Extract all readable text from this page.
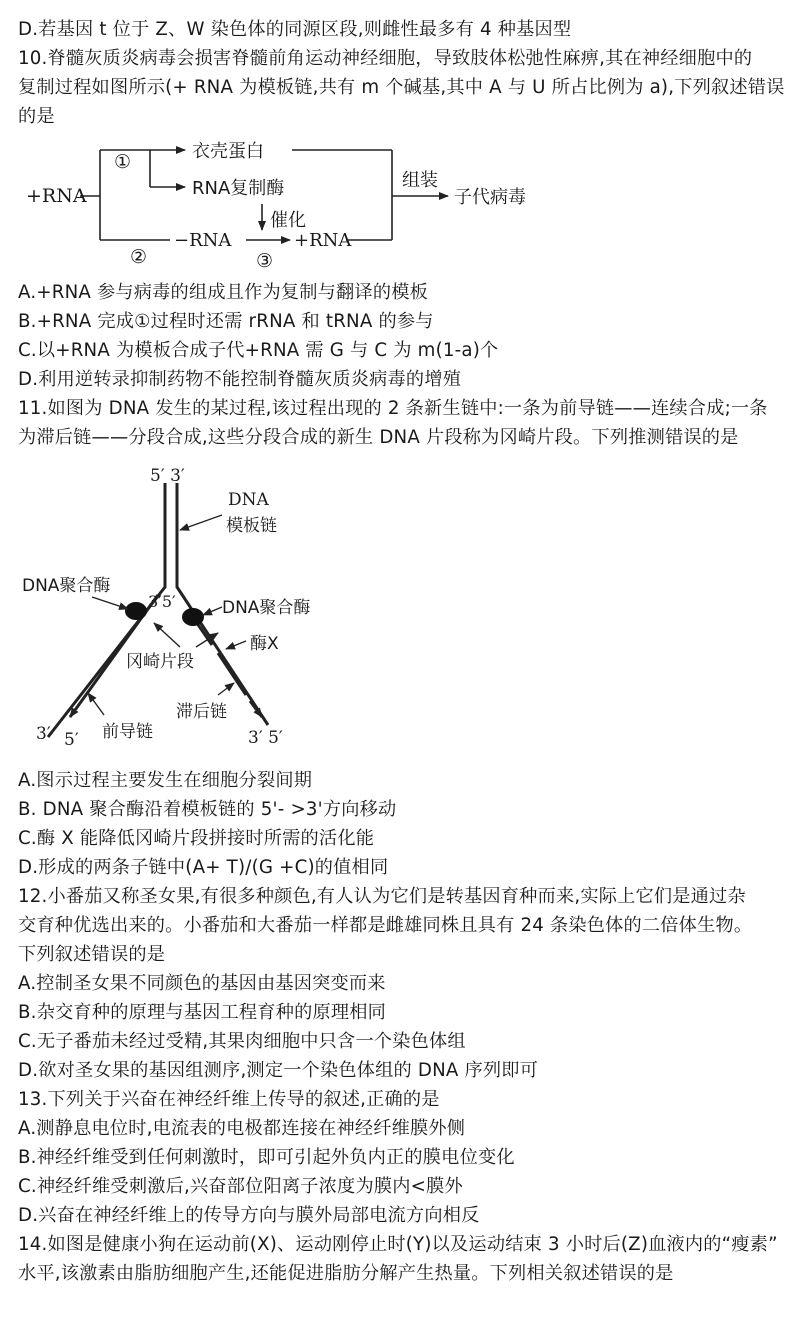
D.若基因 t 位于 Z、W 染色体的同源区段,则雌性最多有 4 种基因型
10.脊髓灰质炎病毒会损害脊髓前角运动神经细胞，导致肢体松弛性麻痹,其在神经细胞中的
复制过程如图所示(+ RNA 为模板链,共有 m 个碱基,其中 A 与 U 所占比例为 a),下列叙述错误
的是
+RNA
①
②	③
衣壳蛋白
RNA复制酶
催化
−RNA	+RNA
组装
子代病毒
A.+RNA 参与病毒的组成且作为复制与翻译的模板
B.+RNA 完成①过程时还需 rRNA 和 tRNA 的参与
C.以+RNA 为模板合成子代+RNA 需 G 与 C 为 m(1-a)个
D.利用逆转录抑制药物不能控制脊髓灰质炎病毒的增殖
11.如图为 DNA 发生的某过程,该过程出现的 2 条新生链中:一条为前导链——连续合成;一条
为滞后链——分段合成,这些分段合成的新生 DNA 片段称为冈崎片段。下列推测错误的是
5′ 3′
DNA
模板链
DNA聚合酶
DNA聚合酶
3′5′
冈崎片段
酶X
滞后链
前导链
3′ 5′	3′ 5′
A.图示过程主要发生在细胞分裂间期
B. DNA 聚合酶沿着模板链的 5'- >3'方向移动
C.酶 X 能降低冈崎片段拼接时所需的活化能
D.形成的两条子链中(A+ T)/(G +C)的值相同
12.小番茄又称圣女果,有很多种颜色,有人认为它们是转基因育种而来,实际上它们是通过杂
交育种优选出来的。小番茄和大番茄一样都是雌雄同株且具有 24 条染色体的二倍体生物。
下列叙述错误的是
A.控制圣女果不同颜色的基因由基因突变而来
B.杂交育种的原理与基因工程育种的原理相同
C.无子番茄未经过受精,其果肉细胞中只含一个染色体组
D.欲对圣女果的基因组测序,测定一个染色体组的 DNA 序列即可
13.下列关于兴奋在神经纤维上传导的叙述,正确的是
A.测静息电位时,电流表的电极都连接在神经纤维膜外侧
B.神经纤维受到任何刺激时，即可引起外负内正的膜电位变化
C.神经纤维受刺激后,兴奋部位阳离子浓度为膜内<膜外
D.兴奋在神经纤维上的传导方向与膜外局部电流方向相反
14.如图是健康小狗在运动前(X)、运动刚停止时(Y)以及运动结束 3 小时后(Z)血液内的“瘦素”
水平,该激素由脂肪细胞产生,还能促进脂肪分解产生热量。下列相关叙述错误的是
